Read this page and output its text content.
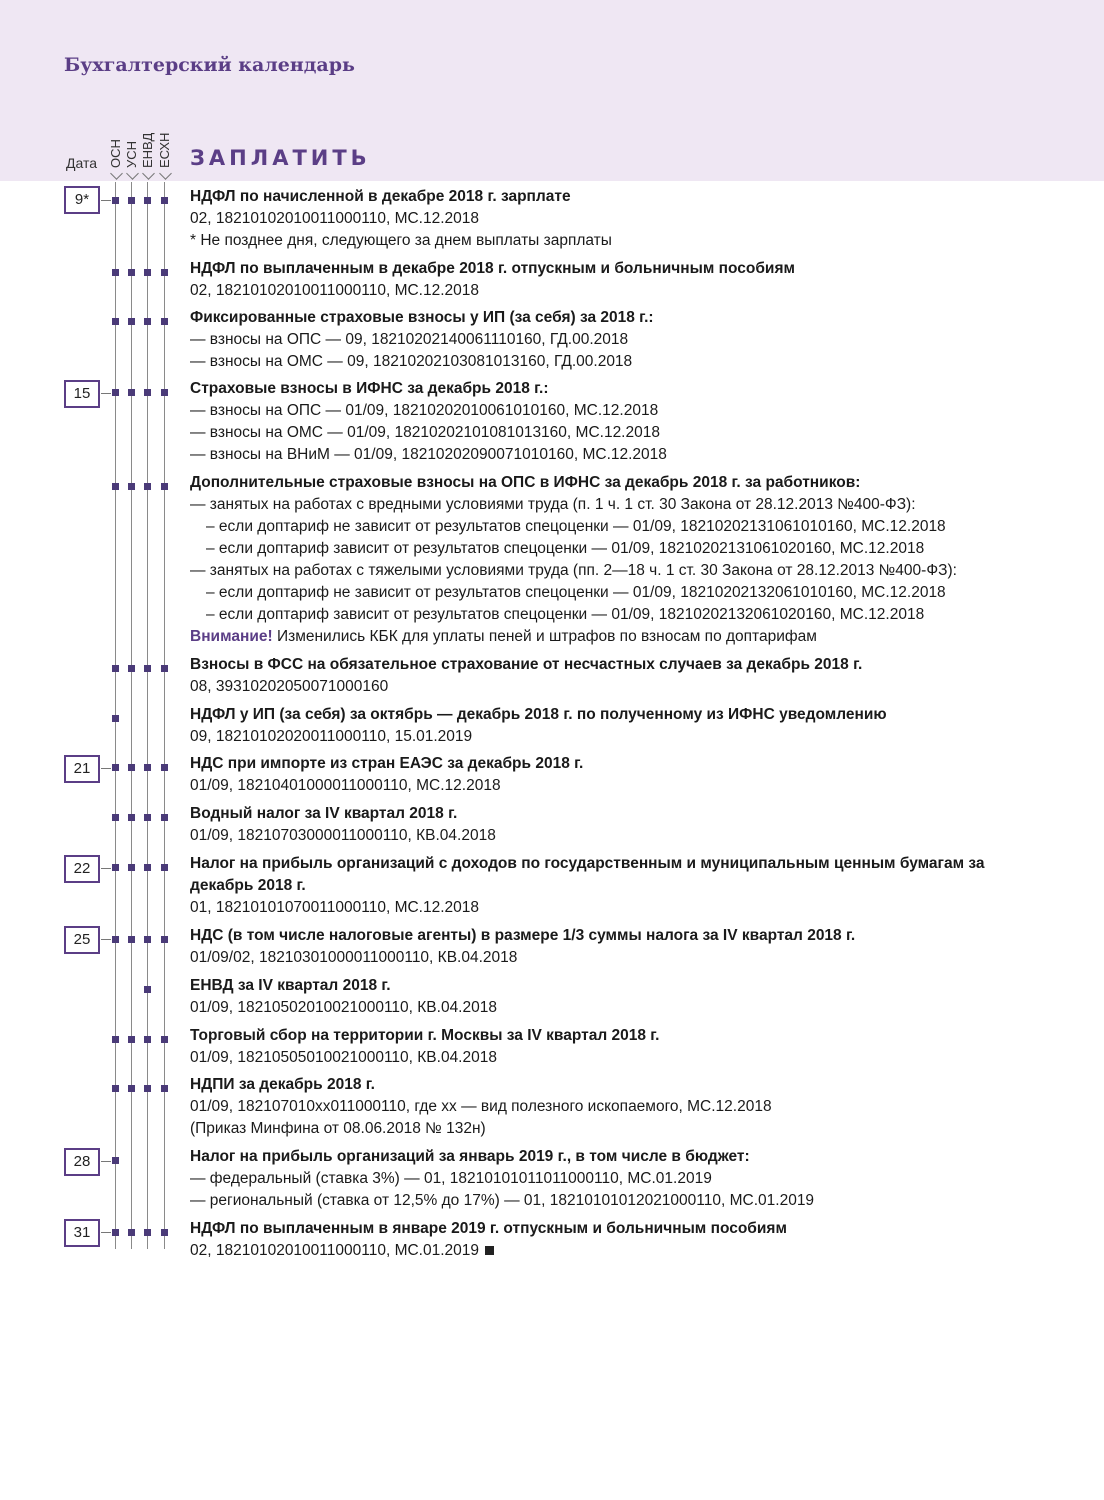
Бухгалтерский календарь
Дата ОСН УСН ЕНВД ЕСХН ЗАПЛАТИТЬ
9*
15
21
22
25
28
31
НДФЛ по начисленной в декабре 2018 г. зарплате
02, 18210102010011000110, МС.12.2018
* Не позднее дня, следующего за днем выплаты зарплаты
НДФЛ по выплаченным в декабре 2018 г. отпускным и больничным пособиям
02, 18210102010011000110, МС.12.2018
Фиксированные страховые взносы у ИП (за себя) за 2018 г.:
— взносы на ОПС — 09, 18210202140061110160, ГД.00.2018
— взносы на ОМС — 09, 18210202103081013160, ГД.00.2018
Страховые взносы в ИФНС за декабрь 2018 г.:
— взносы на ОПС — 01/09, 18210202010061010160, МС.12.2018
— взносы на ОМС — 01/09, 18210202101081013160, МС.12.2018
— взносы на ВНиМ — 01/09, 18210202090071010160, МС.12.2018
Дополнительные страховые взносы на ОПС в ИФНС за декабрь 2018 г. за работников:
— занятых на работах с вредными условиями труда (п. 1 ч. 1 ст. 30 Закона от 28.12.2013 №400-ФЗ):
– если доптариф не зависит от результатов спецоценки — 01/09, 18210202131061010160, МС.12.2018
– если доптариф зависит от результатов спецоценки — 01/09, 18210202131061020160, МС.12.2018
— занятых на работах с тяжелыми условиями труда (пп. 2—18 ч. 1 ст. 30 Закона от 28.12.2013 №400-ФЗ):
– если доптариф не зависит от результатов спецоценки — 01/09, 18210202132061010160, МС.12.2018
– если доптариф зависит от результатов спецоценки — 01/09, 18210202132061020160, МС.12.2018
Внимание! Изменились КБК для уплаты пеней и штрафов по взносам по доптарифам
Взносы в ФСС на обязательное страхование от несчастных случаев за декабрь 2018 г.
08, 39310202050071000160
НДФЛ у ИП (за себя) за октябрь — декабрь 2018 г. по полученному из ИФНС уведомлению
09, 18210102020011000110, 15.01.2019
НДС при импорте из стран ЕАЭС за декабрь 2018 г.
01/09, 18210401000011000110, МС.12.2018
Водный налог за IV квартал 2018 г.
01/09, 18210703000011000110, КВ.04.2018
Налог на прибыль организаций с доходов по государственным и муниципальным ценным бумагам за декабрь 2018 г.
01, 18210101070011000110, МС.12.2018
НДС (в том числе налоговые агенты) в размере 1/3 суммы налога за IV квартал 2018 г.
01/09/02, 18210301000011000110, КВ.04.2018
ЕНВД за IV квартал 2018 г.
01/09, 18210502010021000110, КВ.04.2018
Торговый сбор на территории г. Москвы за IV квартал 2018 г.
01/09, 18210505010021000110, КВ.04.2018
НДПИ за декабрь 2018 г.
01/09, 182107010xx011000110, где xx — вид полезного ископаемого, МС.12.2018
(Приказ Минфина от 08.06.2018 № 132н)
Налог на прибыль организаций за январь 2019 г., в том числе в бюджет:
— федеральный (ставка 3%) — 01, 18210101011011000110, МС.01.2019
— региональный (ставка от 12,5% до 17%) — 01, 18210101012021000110, МС.01.2019
НДФЛ по выплаченным в январе 2019 г. отпускным и больничным пособиям
02, 18210102010011000110, МС.01.2019
